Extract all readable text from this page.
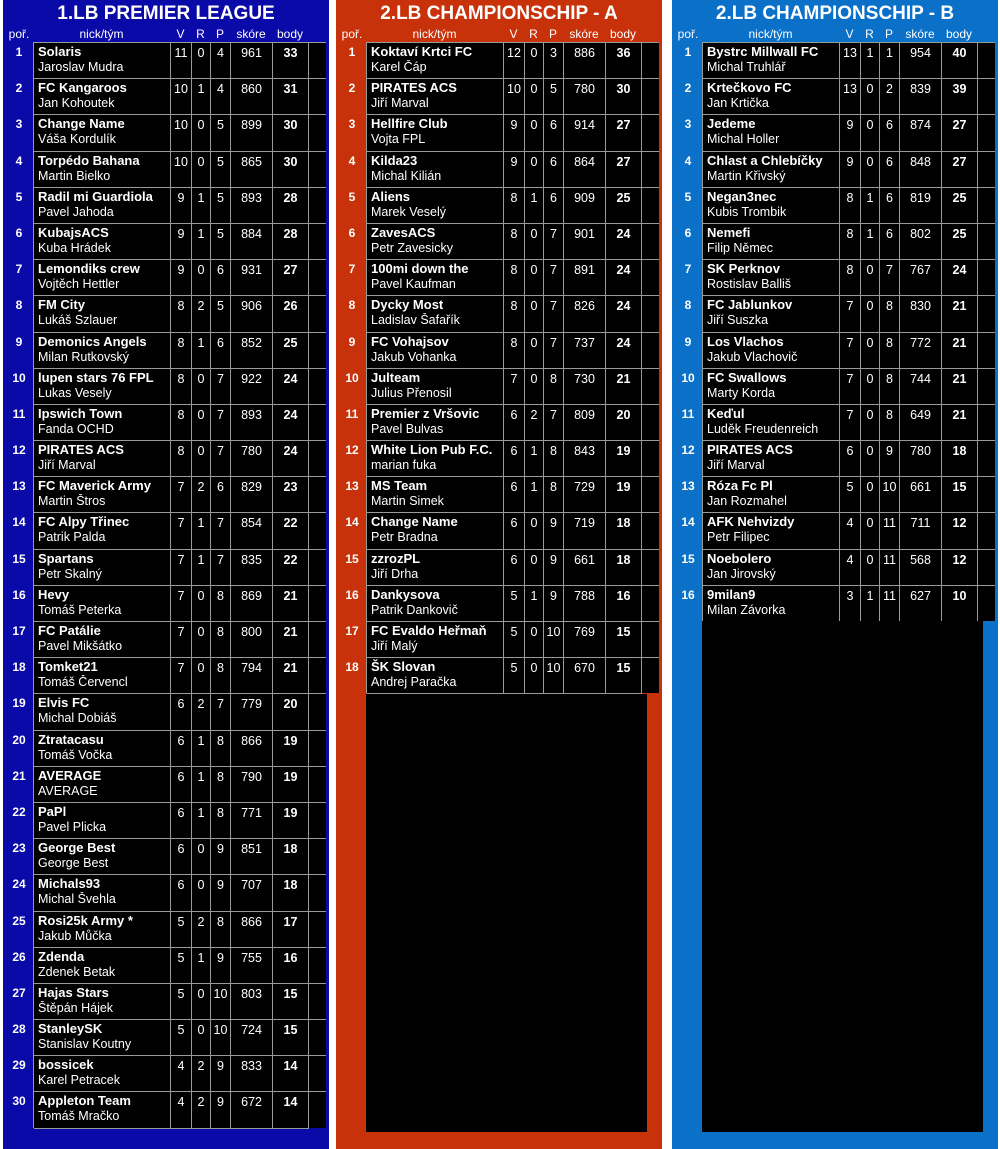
1.LB PREMIER LEAGUE
poř.	nick/tým	V R P	skóre body
1	Solaris
Jaroslav Mudra
11 0	4	961	33
2	FC Kangaroos
Jan Kohoutek
10 1	4	860	31
3	Change Name
Váša Kordulík
10 0	5	899	30
4	Torpédo Bahana
Martin Bielko
10 0	5	865	30
5	Radil mi Guardiola
Pavel Jahoda
9	1	5	893	28
6	KubajsACS
Kuba Hrádek
9	1	5	884	28
7	Lemondiks crew
Vojtěch Hettler
9	0	6	931	27
8	FM City
Lukáš Szlauer
8	2	5	906	26
9	Demonics Angels
Milan Rutkovský
8	1	6	852	25
10 lupen stars 76 FPL
Lukas Vesely
8	0	7	922	24
11 Ipswich Town
Fanda OCHD
8	0	7	893	24
12 PIRATES ACS
Jiří Marval
8	0	7	780	24
13 FC Maverick Army
Martin Štros
7	2	6	829	23
14 FC Alpy Třinec
Patrik Palda
7	1	7	854	22
15 Spartans
Petr Skalný
7	1	7	835	22
16 Hevy
Tomáš Peterka
7	0	8	869	21
17 FC Patálie
Pavel Mikšátko
7	0	8	800	21
18 Tomket21
Tomáš Červencl
7	0	8	794	21
19 Elvis FC
Michal Dobiáš
6	2	7	779	20
20 Ztratacasu
Tomáš Vočka
6	1	8	866	19
21 AVERAGE
AVERAGE
6	1	8	790	19
22 PaPl
Pavel Plicka
6	1	8	771	19
23 George Best
George Best
6	0	9	851	18
24 Michals93
Michal Švehla
6	0	9	707	18
25 Rosi25k Army *
Jakub Můčka
5	2	8	866	17
26 Zdenda
Zdenek Betak
5	1	9	755	16
27 Hajas Stars
Štěpán Hájek
5	0 10	803	15
28 StanleySK
Stanislav Koutny
5	0 10	724	15
29 bossicek
Karel Petracek
4	2	9	833	14
30 Appleton Team
Tomáš Mračko
4	2	9	672	14
2.LB CHAMPIONSCHIP - A
poř.	nick/tým	V R P	skóre body
1	Koktaví Krtci FC
Karel Čáp
12 0	3	886	36
2	PIRATES ACS
Jiří Marval
10 0	5	780	30
3	Hellfire Club
Vojta FPL
9	0	6	914	27
4	Kilda23
Michal Kilián
9	0	6	864	27
5	Aliens
Marek Veselý
8	1	6	909	25
6	ZavesACS
Petr Zavesicky
8	0	7	901	24
7	100mi down the
Pavel Kaufman
8	0	7	891	24
8	Dycky Most
Ladislav Šafařík
8	0	7	826	24
9	FC Vohajsov
Jakub Vohanka
8	0	7	737	24
10 Julteam
Julius Přenosil
7	0	8	730	21
11 Premier z Vršovic
Pavel Bulvas
6	2	7	809	20
12 White Lion Pub F.C.
marian fuka
6	1	8	843	19
13 MS Team
Martin Simek
6	1	8	729	19
14 Change Name
Petr Bradna
6	0	9	719	18
15 zzrozPL
Jiří Drha
6	0	9	661	18
16 Dankysova
Patrik Dankovič
5	1	9	788	16
17 FC Evaldo Heřmaň
Jiří Malý
5	0 10	769	15
18 ŠK Slovan
Andrej Paračka
5	0 10	670	15
2.LB CHAMPIONSCHIP - B
poř.	nick/tým	V R P	skóre body
1	Bystrc Millwall FC
Michal Truhlář
13 1	1	954	40
2	Krtečkovo FC
Jan Krtička
13 0	2	839	39
3	Jedeme
Michal Holler
9	0	6	874	27
4	Chlast a Chlebíčky
Martin Křivský
9	0	6	848	27
5	Negan3nec
Kubis Trombik
8	1	6	819	25
6	Nemefi
Filip Němec
8	1	6	802	25
7	SK Perknov
Rostislav Balliš
8	0	7	767	24
8	FC Jablunkov
Jiří Suszka
7	0	8	830	21
9	Los Vlachos
Jakub Vlachovič
7	0	8	772	21
10 FC Swallows
Marty Korda
7	0	8	744	21
11 Keďul
Luděk Freudenreich
7	0	8	649	21
12 PIRATES ACS
Jiří Marval
6	0	9	780	18
13 Róza Fc Pl
Jan Rozmahel
5	0 10	661	15
14 AFK Nehvizdy
Petr Filipec
4	0 11	711	12
15 Noebolero
Jan Jirovský
4	0 11	568	12
16 9milan9
Milan Závorka
3	1 11	627	10
